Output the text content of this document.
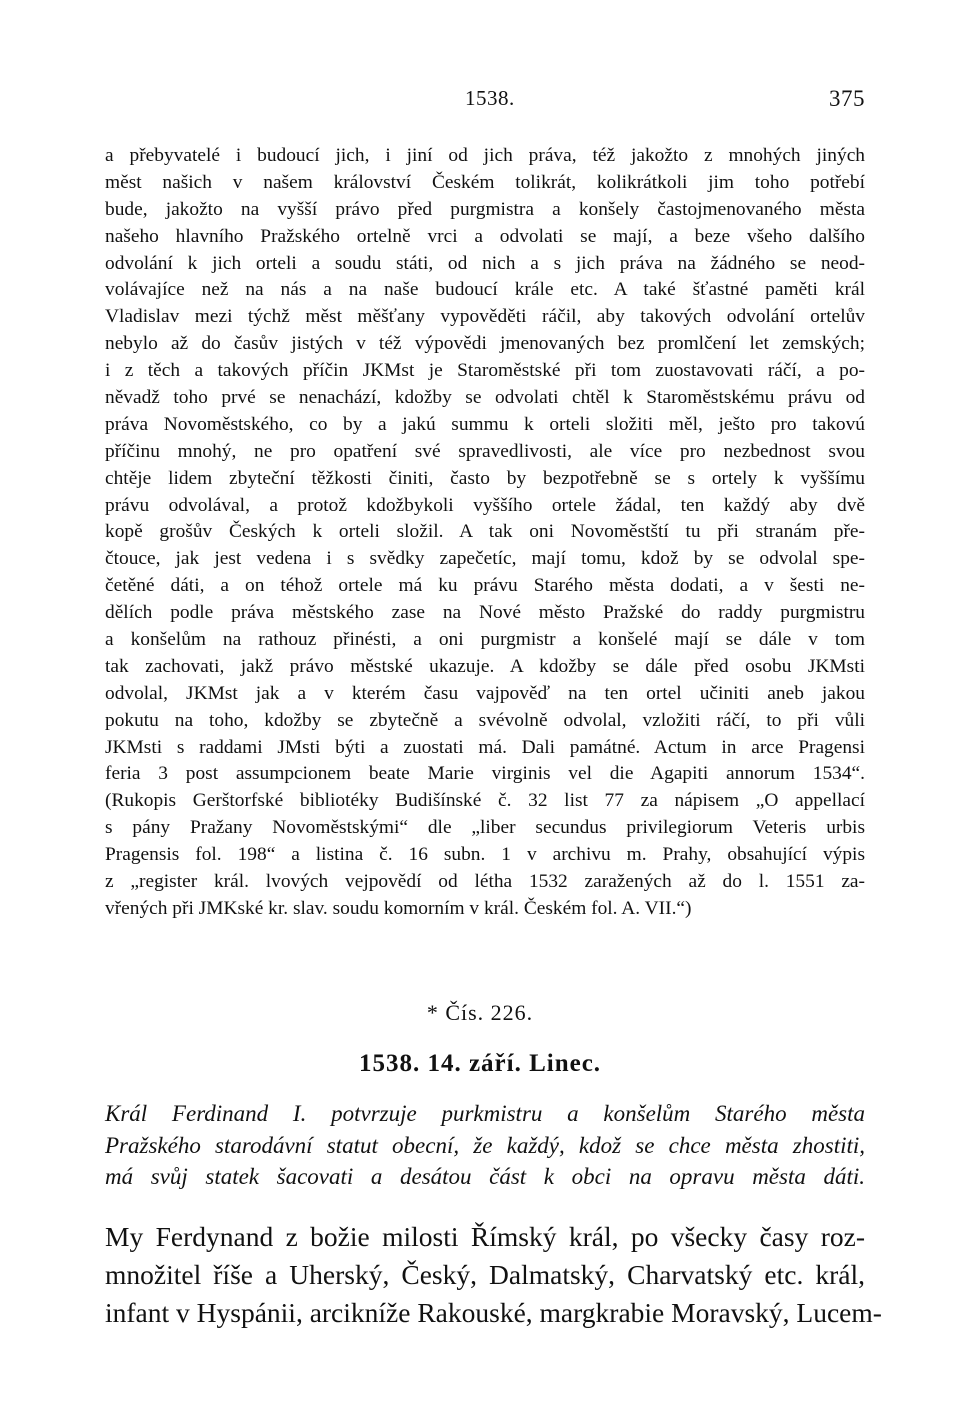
1538.	375
a přebyvatelé i budoucí jich, i jiní od jich práva, též jakožto z mnohých jiných
měst našich v našem království Českém tolikrát, kolikrátkoli jim toho potřebí
bude, jakožto na vyšší právo před purgmistra a konšely častojmenovaného města
našeho hlavního Pražského ortelně vrci a odvolati se mají, a beze všeho dalšího
odvolání k jich orteli a soudu státi, od nich a s jich práva na žádného se neod-
volávajíce než na nás a na naše budoucí krále etc. A také šťastné paměti král
Vladislav mezi týchž měst měšťany vypověděti ráčil, aby takových odvolání ortelův
nebylo až do časův jistých v též výpovědi jmenovaných bez promlčení let zemských;
i z těch a takových příčin JKMst je Staroměstské při tom zuostavovati ráčí, a po-
něvadž toho prvé se nenachází, kdožby se odvolati chtěl k Staroměstskému právu od
práva Novoměstského, co by a jakú summu k orteli složiti měl, ješto pro takovú
příčinu mnohý, ne pro opatření své spravedlivosti, ale více pro nezbednost svou
chtěje lidem zbyteční těžkosti činiti, často by bezpotřebně se s ortely k vyššímu
právu odvolával, a protož kdožbykoli vyššího ortele žádal, ten každý aby dvě
kopě grošův Českých k orteli složil. A tak oni Novoměstští tu při stranám pře-
čtouce, jak jest vedena i s svědky zapečetíc, mají tomu, kdož by se odvolal spe-
četěné dáti, a on téhož ortele má ku právu Starého města dodati, a v šesti ne-
dělích podle práva městského zase na Nové město Pražské do raddy purgmistru
a konšelům na rathouz přinésti, a oni purgmistr a konšelé mají se dále v tom
tak zachovati, jakž právo městské ukazuje. A kdožby se dále před osobu JKMsti
odvolal, JKMst jak a v kterém času vajpověď na ten ortel učiniti aneb jakou
pokutu na toho, kdožby se zbytečně a svévolně odvolal, vzložiti ráčí, to při vůli
JKMsti s raddami JMsti býti a zuostati má. Dali památné. Actum in arce Pragensi
feria 3 post assumpcionem beate Marie virginis vel die Agapiti annorum 1534“.
(Rukopis Gerštorfské bibliotéky Budišínské č. 32 list 77 za nápisem „O appellací
s pány Pražany Novoměstskými“ dle „liber secundus privilegiorum Veteris urbis
Pragensis fol. 198“ a listina č. 16 subn. 1 v archivu m. Prahy, obsahující výpis
z „register král. lvových vejpovědí od létha 1532 zaražených až do l. 1551 za-
vřených při JMKské kr. slav. soudu komorním v král. Českém fol. A. VII.“)
* Čís. 226.
1538. 14. září. Linec.
Král Ferdinand I. potvrzuje purkmistru a konšelům Starého města
Pražského starodávní statut obecní, že každý, kdož se chce města zhostiti,
má svůj statek šacovati a desátou část k obci na opravu města dáti.
My Ferdynand z božie milosti Římský král, po všecky časy roz-
množitel říše a Uherský, Český, Dalmatský, Charvatský etc. král,
infant v Hyspánii, arcikníže Rakouské, margkrabie Moravský, Lucem-
